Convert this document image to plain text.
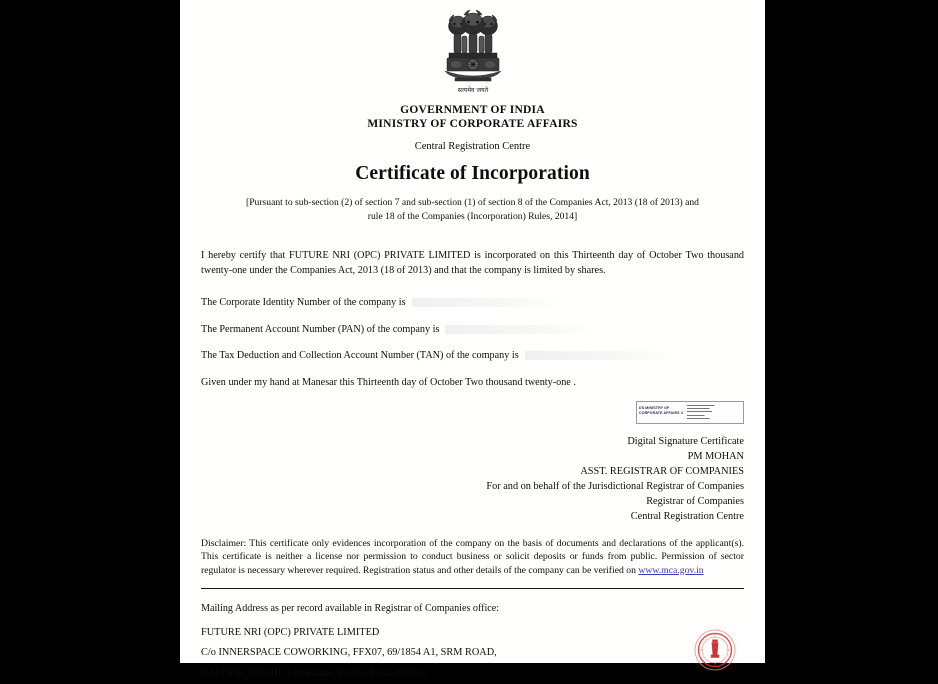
सत्यमेव जयते
GOVERNMENT OF INDIA
MINISTRY OF CORPORATE AFFAIRS
Central Registration Centre
Certificate of Incorporation
[Pursuant to sub-section (2) of section 7 and sub-section (1) of section 8 of the Companies Act, 2013 (18 of 2013) and
rule 18 of the Companies (Incorporation) Rules, 2014]
I hereby certify that FUTURE NRI (OPC) PRIVATE LIMITED is incorporated on this Thirteenth day of October Two thousand twenty-one under the Companies Act, 2013 (18 of 2013) and that the company is limited by shares.
The Corporate Identity Number of the company is
The Permanent Account Number (PAN) of the company is
The Tax Deduction and Collection Account Number (TAN) of the company is
Given under my hand at Manesar this Thirteenth day of October Two thousand twenty-one .
DS MINISTRY OF CORPORATE AFFAIRS 4
▬▬▬▬▬▬▬▬▬▬▬
▬▬▬▬▬▬▬▬▬
▬▬▬▬▬▬▬▬▬▬
▬▬▬▬▬▬▬
▬▬▬▬▬▬▬▬▬
Digital Signature Certificate
PM MOHAN
ASST. REGISTRAR OF COMPANIES
For and on behalf of the Jurisdictional Registrar of Companies
Registrar of Companies
Central Registration Centre
Disclaimer: This certificate only evidences incorporation of the company on the basis of documents and declarations of the applicant(s). This certificate is neither a license nor permission to conduct business or solicit deposits or funds from public. Permission of sector regulator is necessary wherever required. Registration status and other details of the company can be verified on www.mca.gov.in
Mailing Address as per record available in Registrar of Companies office:
FUTURE NRI (OPC) PRIVATE LIMITED
C/o INNERSPACE COWORKING, FFX07, 69/1854 A1, SRM ROAD,
KALOOR, KOCHI, Ernakulam, Kerala, India, 682018
